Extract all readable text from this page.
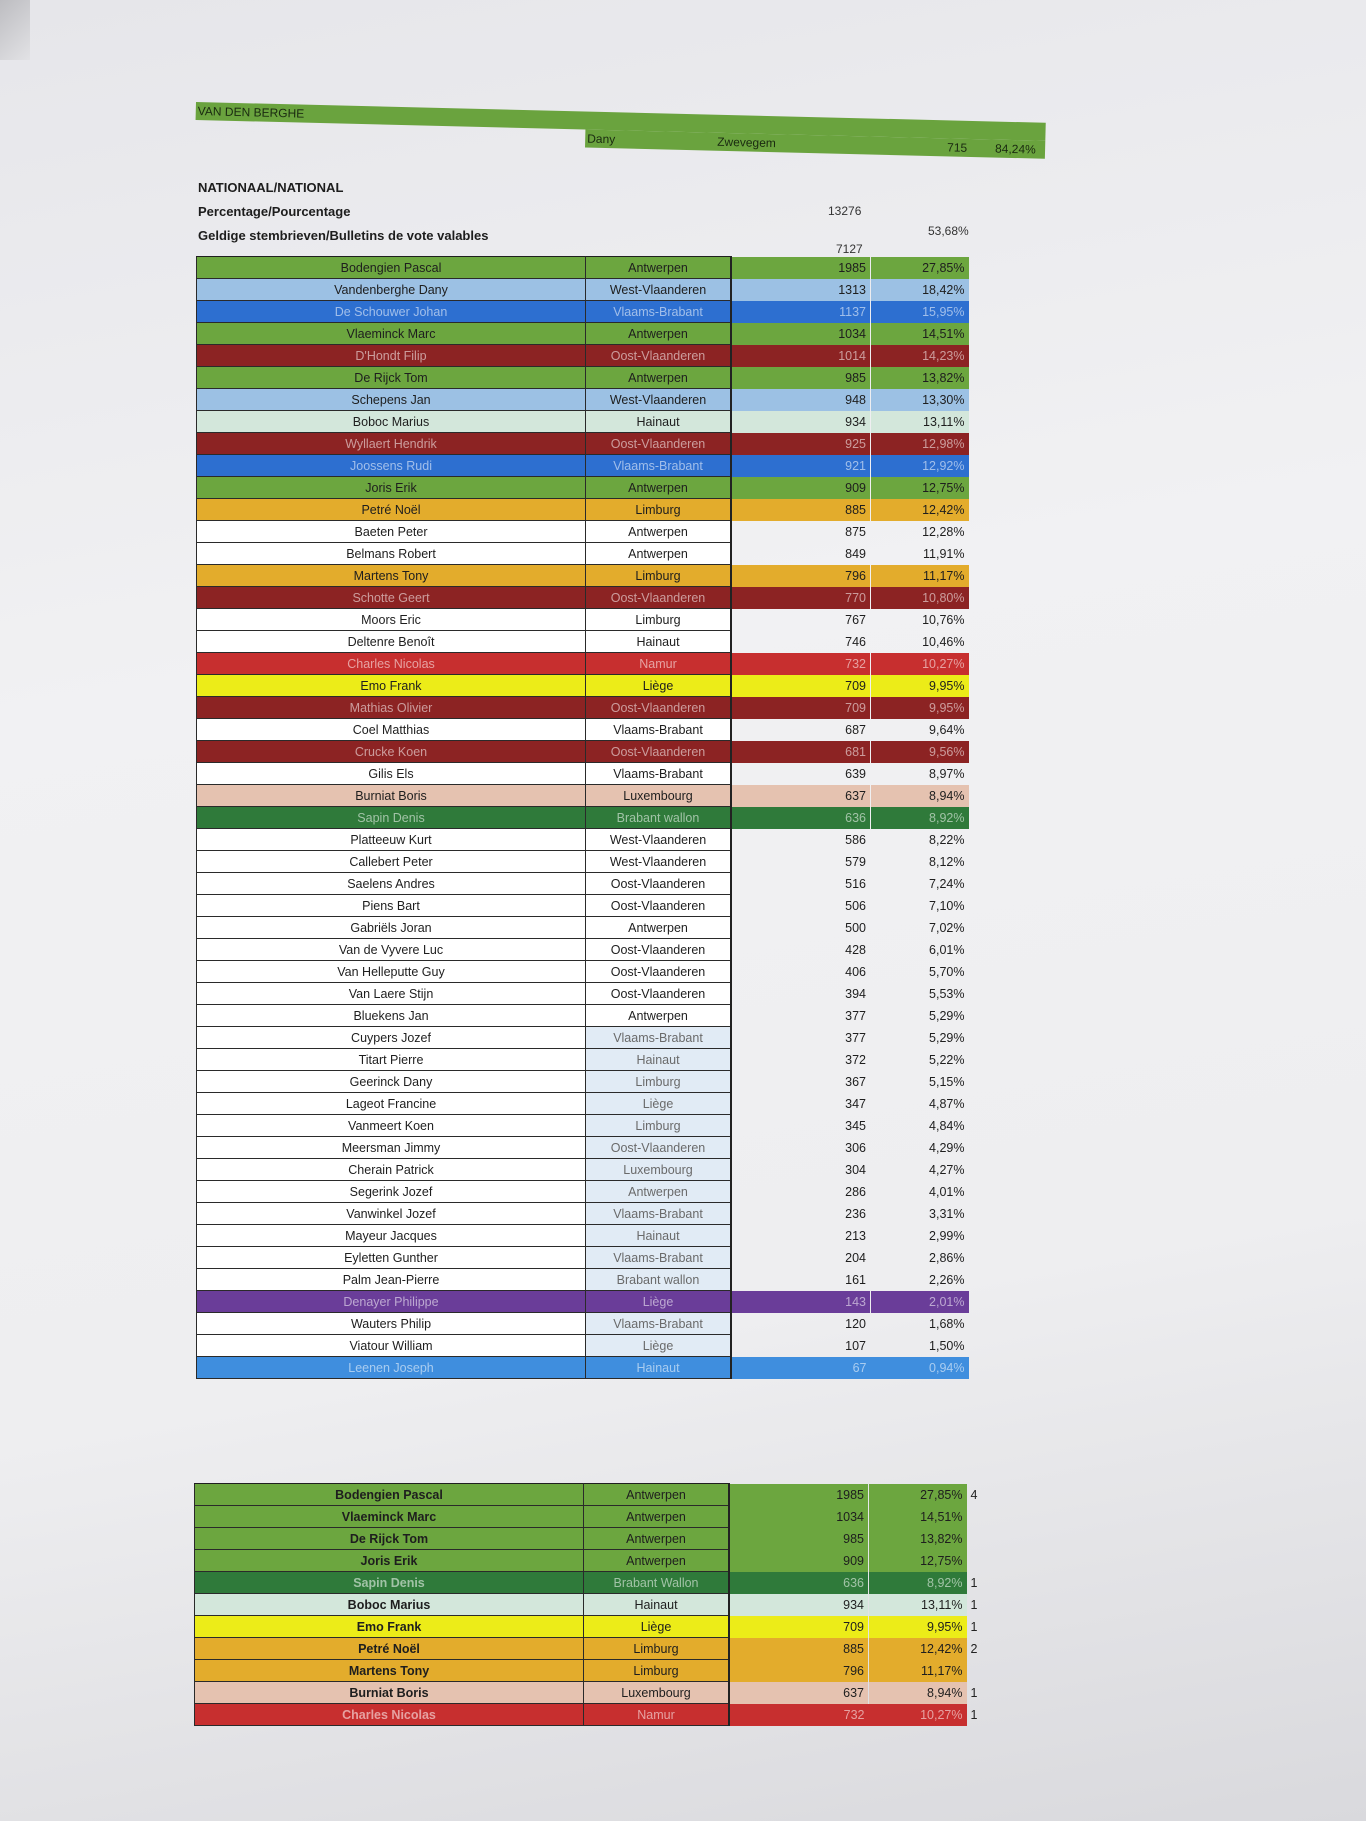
VAN DEN BERGHE
Dany	Zwevegem	715 84,24%
NATIONAAL/NATIONAL
Percentage/Pourcentage
Geldige stembrieven/Bulletins de vote valables
13276
53,68%
7127
Bodengien Pascal	Antwerpen	1985	27,85%
Vandenberghe Dany	West-Vlaanderen	1313	18,42%
De Schouwer Johan	Vlaams-Brabant	1137	15,95%
Vlaeminck Marc	Antwerpen	1034	14,51%
D'Hondt Filip	Oost-Vlaanderen	1014	14,23%
De Rijck Tom	Antwerpen	985	13,82%
Schepens Jan	West-Vlaanderen	948	13,30%
Boboc Marius	Hainaut	934	13,11%
Wyllaert Hendrik	Oost-Vlaanderen	925	12,98%
Joossens Rudi	Vlaams-Brabant	921	12,92%
Joris Erik	Antwerpen	909	12,75%
Petré Noël	Limburg	885	12,42%
Baeten Peter	Antwerpen	875	12,28%
Belmans Robert	Antwerpen	849	11,91%
Martens Tony	Limburg	796	11,17%
Schotte Geert	Oost-Vlaanderen	770	10,80%
Moors Eric	Limburg	767	10,76%
Deltenre Benoît	Hainaut	746	10,46%
Charles Nicolas	Namur	732	10,27%
Emo Frank	Liège	709	9,95%
Mathias Olivier	Oost-Vlaanderen	709	9,95%
Coel Matthias	Vlaams-Brabant	687	9,64%
Crucke Koen	Oost-Vlaanderen	681	9,56%
Gilis Els	Vlaams-Brabant	639	8,97%
Burniat Boris	Luxembourg	637	8,94%
Sapin Denis	Brabant wallon	636	8,92%
Platteeuw Kurt	West-Vlaanderen	586	8,22%
Callebert Peter	West-Vlaanderen	579	8,12%
Saelens Andres	Oost-Vlaanderen	516	7,24%
Piens Bart	Oost-Vlaanderen	506	7,10%
Gabriëls Joran	Antwerpen	500	7,02%
Van de Vyvere Luc	Oost-Vlaanderen	428	6,01%
Van Helleputte Guy	Oost-Vlaanderen	406	5,70%
Van Laere Stijn	Oost-Vlaanderen	394	5,53%
Bluekens Jan	Antwerpen	377	5,29%
Cuypers Jozef	Vlaams-Brabant	377	5,29%
Titart Pierre	Hainaut	372	5,22%
Geerinck Dany	Limburg	367	5,15%
Lageot Francine	Liège	347	4,87%
Vanmeert Koen	Limburg	345	4,84%
Meersman Jimmy	Oost-Vlaanderen	306	4,29%
Cherain Patrick	Luxembourg	304	4,27%
Segerink Jozef	Antwerpen	286	4,01%
Vanwinkel Jozef	Vlaams-Brabant	236	3,31%
Mayeur Jacques	Hainaut	213	2,99%
Eyletten Gunther	Vlaams-Brabant	204	2,86%
Palm Jean-Pierre	Brabant wallon	161	2,26%
Denayer Philippe	Liège	143	2,01%
Wauters Philip	Vlaams-Brabant	120	1,68%
Viatour William	Liège	107	1,50%
Leenen Joseph	Hainaut	67	0,94%
Bodengien Pascal	Antwerpen	1985	27,85%	4
Vlaeminck Marc	Antwerpen	1034	14,51%	
De Rijck Tom	Antwerpen	985	13,82%	
Joris Erik	Antwerpen	909	12,75%	
Sapin Denis	Brabant Wallon	636	8,92%	1
Boboc Marius	Hainaut	934	13,11%	1
Emo Frank	Liège	709	9,95%	1
Petré Noël	Limburg	885	12,42%	2
Martens Tony	Limburg	796	11,17%	
Burniat Boris	Luxembourg	637	8,94%	1
Charles Nicolas	Namur	732	10,27%	1
